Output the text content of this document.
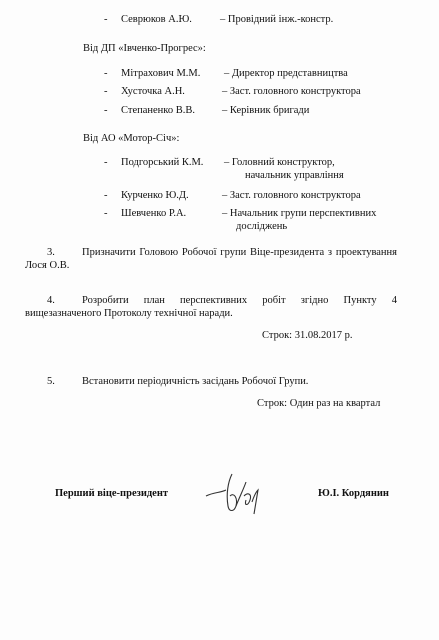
- Севрюков А.Ю.	– Провідний інж.-констр.
Від ДП «Івченко-Прогрес»:
- Мітрахович М.М. – Директор представництва
- Хусточка А.Н.	– Заст. головного конструктора
- Степаненко В.В.	– Керівник бригади
Від АО «Мотор-Січ»:
- Подгорський К.М. – Головний конструктор,
начальник управління
- Курченко Ю.Д.	– Заст. головного конструктора
- Шевченко Р.А.	– Начальник групи перспективних
досліджень
3.	Призначити Головою Робочої групи Віце-президента з проектування Лося О.В.
4.	Розробити план перспективних робіт згідно Пункту 4 вищезазначеного Протоколу технічної наради.
Строк: 31.08.2017 р.
5.	Встановити періодичність засідань Робочої Групи.
Строк: Один раз на квартал
Перший віце-президент	Ю.І. Кордянин
